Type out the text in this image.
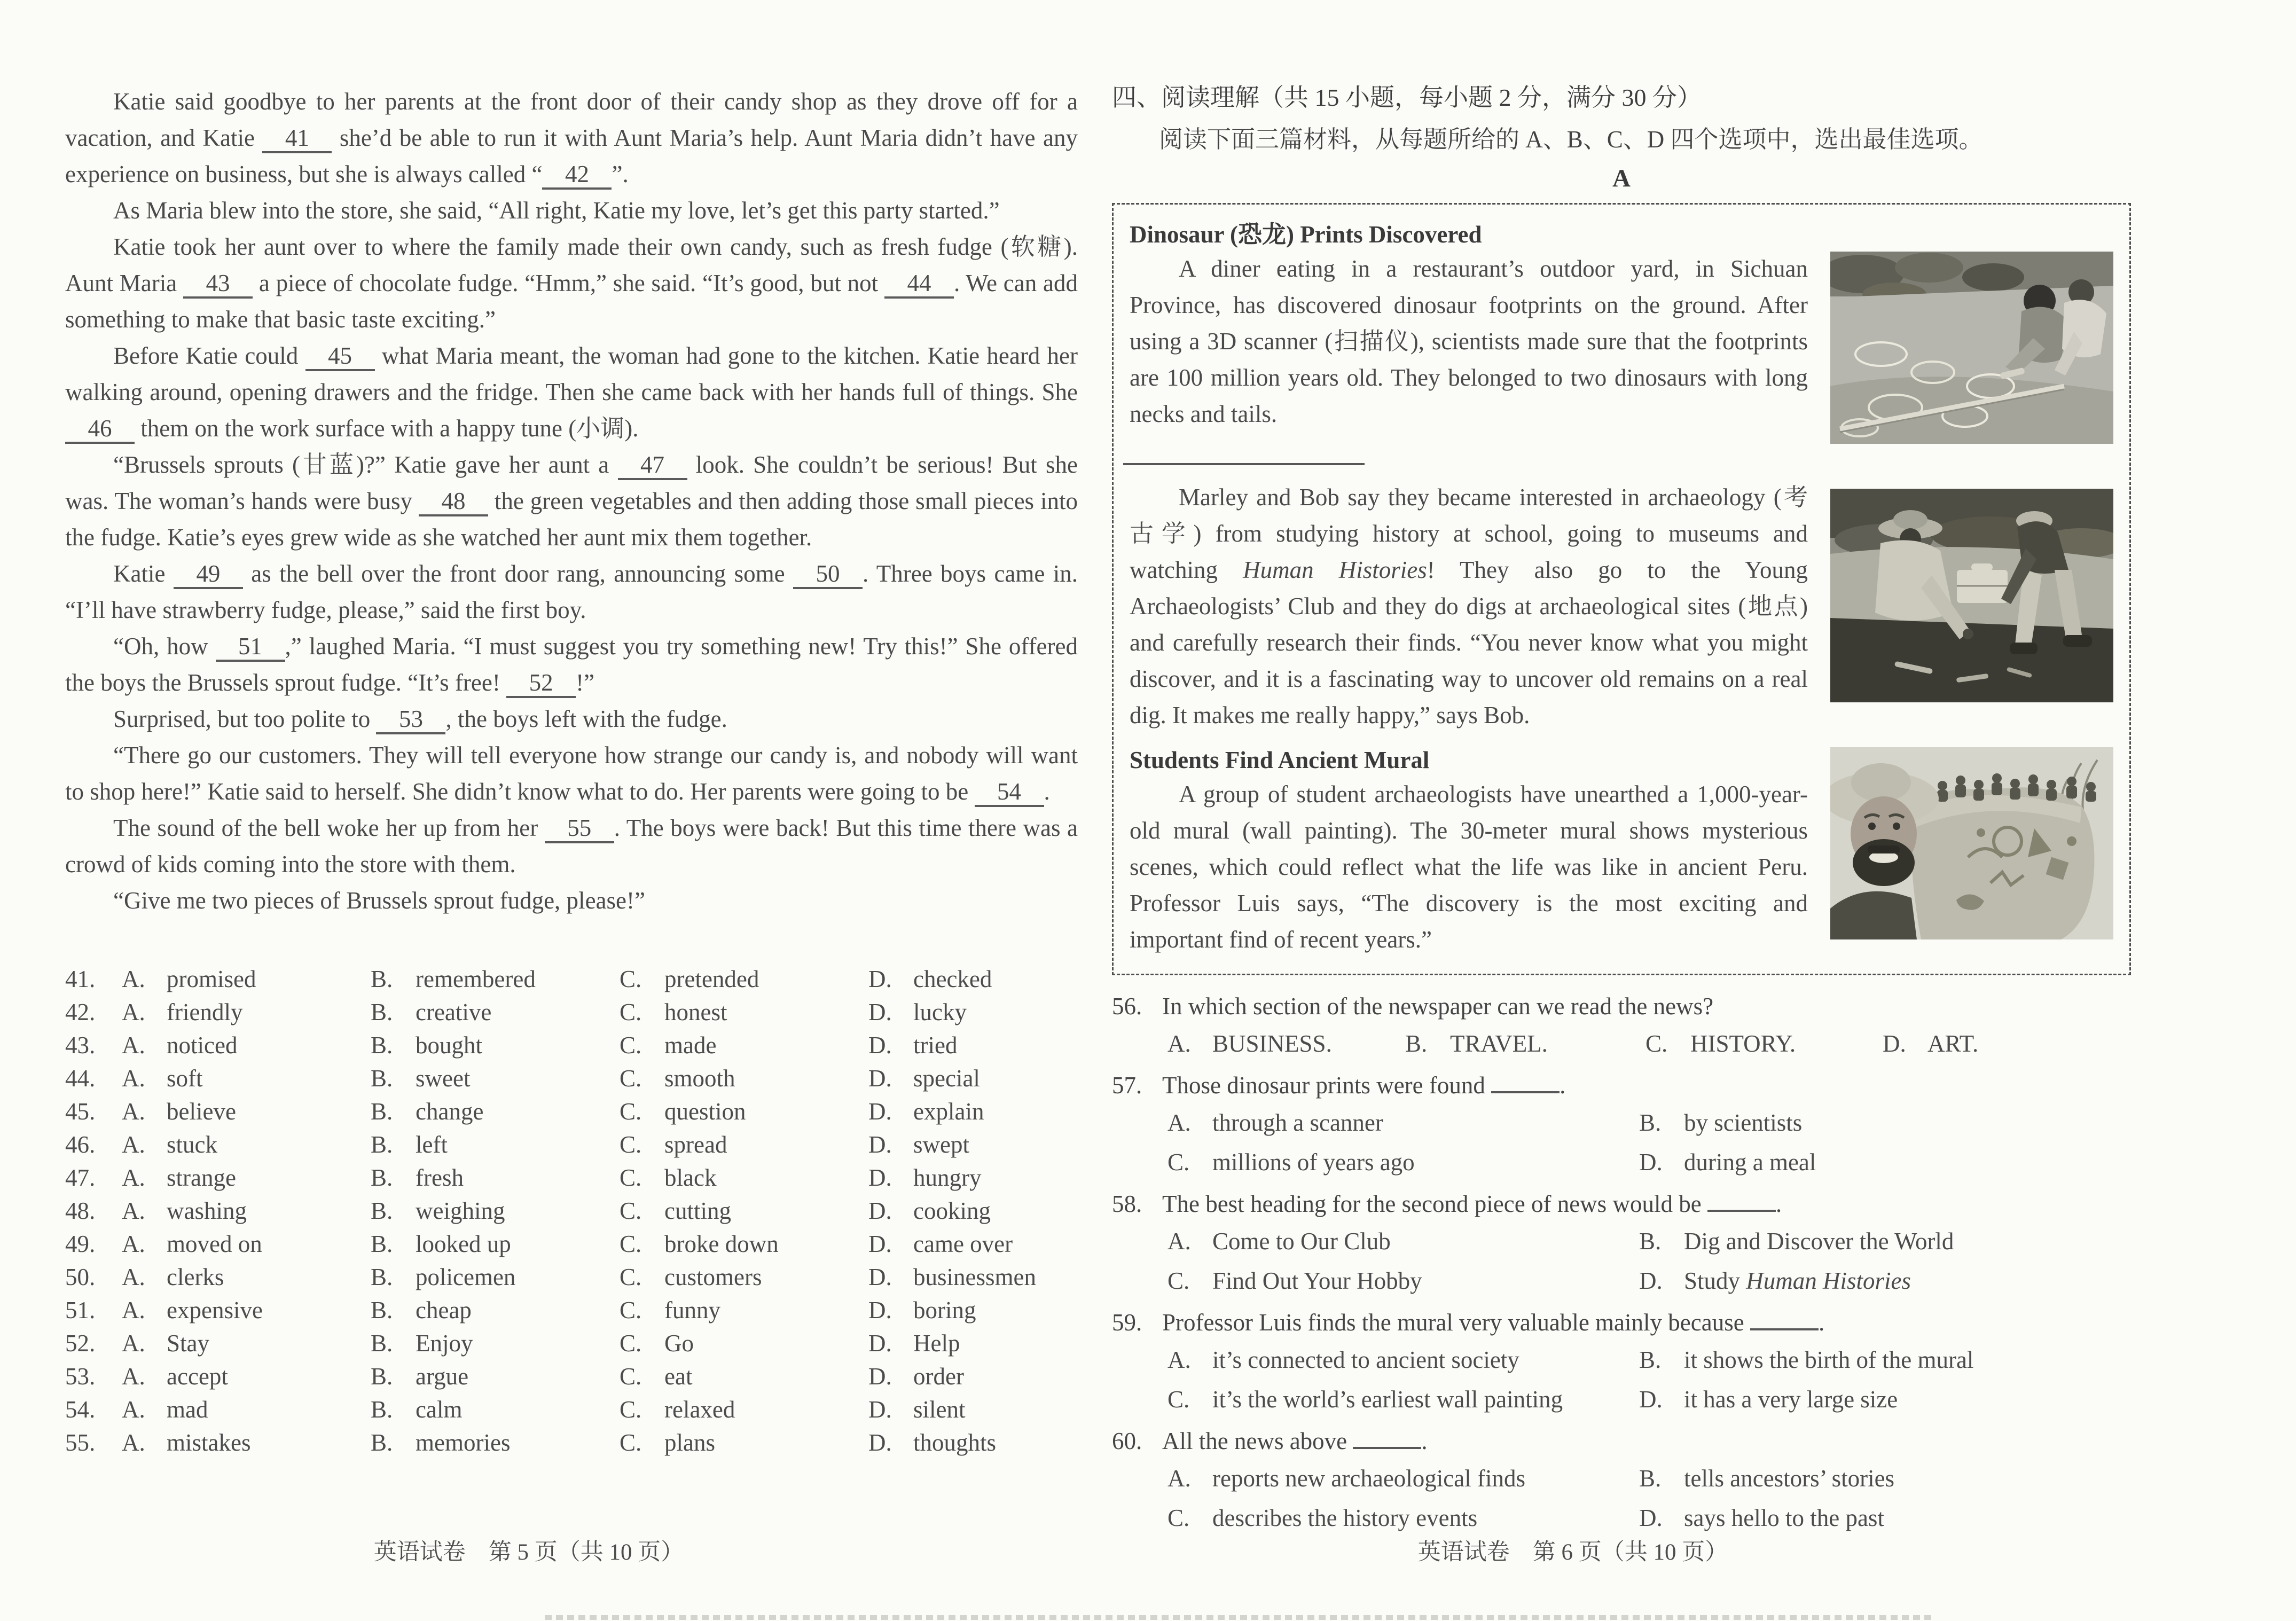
Katie said goodbye to her parents at the front door of their candy shop as they drove off for a vacation, and Katie 41 she’d be able to run it with Aunt Maria’s help. Aunt Maria didn’t have any experience on business, but she is always called “ 42 ”.

As Maria blew into the store, she said, “All right, Katie my love, let’s get this party started.”

Katie took her aunt over to where the family made their own candy, such as fresh fudge (软糖). Aunt Maria 43 a piece of chocolate fudge. “Hmm,” she said. “It’s good, but not 44 . We can add something to make that basic taste exciting.”

Before Katie could 45 what Maria meant, the woman had gone to the kitchen. Katie heard her walking around, opening drawers and the fridge. Then she came back with her hands full of things. She 46 them on the work surface with a happy tune (小调).

“Brussels sprouts (甘蓝)?” Katie gave her aunt a 47 look. She couldn’t be serious! But she was. The woman’s hands were busy 48 the green vegetables and then adding those small pieces into the fudge. Katie’s eyes grew wide as she watched her aunt mix them together.

Katie 49 as the bell over the front door rang, announcing some 50 . Three boys came in. “I’ll have strawberry fudge, please,” said the first boy.

“Oh, how 51 ,” laughed Maria. “I must suggest you try something new! Try this!” She offered the boys the Brussels sprout fudge. “It’s free! 52 !”

Surprised, but too polite to 53 , the boys left with the fudge.

“There go our customers. They will tell everyone how strange our candy is, and nobody will want to shop here!” Katie said to herself. She didn’t know what to do. Her parents were going to be 54 .

The sound of the bell woke her up from her 55 . The boys were back! But this time there was a crowd of kids coming into the store with them.

“Give me two pieces of Brussels sprout fudge, please!”

41.	A. promised	B. remembered	C. pretended	D. checked
42.	A. friendly	B. creative	C. honest	D. lucky
43.	A. noticed	B. bought	C. made	D. tried
44.	A. soft	B. sweet	C. smooth	D. special
45.	A. believe	B. change	C. question	D. explain
46.	A. stuck	B. left	C. spread	D. swept
47.	A. strange	B. fresh	C. black	D. hungry
48.	A. washing	B. weighing	C. cutting	D. cooking
49.	A. moved on	B. looked up	C. broke down	D. came over
50.	A. clerks	B. policemen	C. customers	D. businessmen
51.	A. expensive	B. cheap	C. funny	D. boring
52.	A. Stay	B. Enjoy	C. Go	D. Help
53.	A. accept	B. argue	C. eat	D. order
54.	A. mad	B. calm	C. relaxed	D. silent
55.	A. mistakes	B. memories	C. plans	D. thoughts
四、阅读理解（共 15 小题，每小题 2 分，满分 30 分）
阅读下面三篇材料，从每题所给的 A、B、C、D 四个选项中，选出最佳选项。
A
Dinosaur (恐龙) Prints Discovered

A diner eating in a restaurant’s outdoor yard, in Sichuan Province, has discovered dinosaur footprints on the ground. After using a 3D scanner (扫描仪), scientists made sure that the footprints are 100 million years old. They belonged to two dinosaurs with long necks and tails.

Marley and Bob say they became interested in archaeology (考古学) from studying history at school, going to museums and watching Human Histories! They also go to the Young Archaeologists’ Club and they do digs at archaeological sites (地点) and carefully research their finds. “You never know what you might discover, and it is a fascinating way to uncover old remains on a real dig. It makes me really happy,” says Bob.

Students Find Ancient Mural

A group of student archaeologists have unearthed a 1,000-year-old mural (wall painting). The 30-meter mural shows mysterious scenes, which could reflect what the life was like in ancient Peru. Professor Luis says, “The discovery is the most exciting and important find of recent years.”

56. In which section of the newspaper can we read the news?
A. BUSINESS.	B. TRAVEL.	C. HISTORY.	D. ART.
57. Those dinosaur prints were found	.
A. through a scanner	B. by scientists
C. millions of years ago	D. during a meal
58. The best heading for the second piece of news would be	.
A. Come to Our Club	B. Dig and Discover the World
C. Find Out Your Hobby	D. Study Human Histories
59. Professor Luis finds the mural very valuable mainly because	.
A. it’s connected to ancient society	B. it shows the birth of the mural
C. it’s the world’s earliest wall painting	D. it has a very large size
60. All the news above	.
A. reports new archaeological finds	B. tells ancestors’ stories
C. describes the history events	D. says hello to the past
英语试卷　第 5 页（共 10 页）	英语试卷　第 6 页（共 10 页）
